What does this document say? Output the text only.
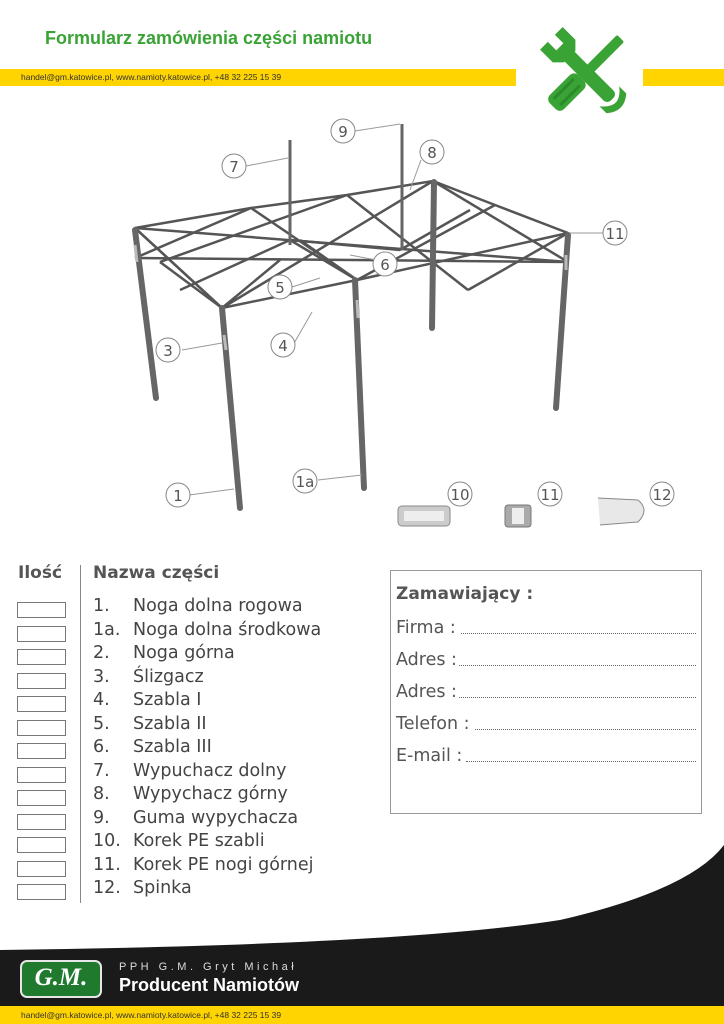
Formularz zamówienia części namiotu
handel@gm.katowice.pl, www.namioty.katowice.pl, +48 32 225 15 39
9
8
7
11
6
5
4
3
1a
1	10	11	12
Ilość Nazwa części
1. Noga dolna rogowa
1a. Noga dolna środkowa
2. Noga górna
3. Ślizgacz
4. Szabla I
5. Szabla II
6. Szabla III
7. Wypuchacz dolny
8. Wypychacz górny
9. Guma wypychacza
10. Korek PE szabli
11. Korek PE nogi górnej
12. Spinka
Zamawiający :
Firma :
Adres :
Adres :
Telefon :
E-mail :
G.M.	PPH G.M. Gryt Michał
Producent Namiotów
handel@gm.katowice.pl, www.namioty.katowice.pl, +48 32 225 15 39
